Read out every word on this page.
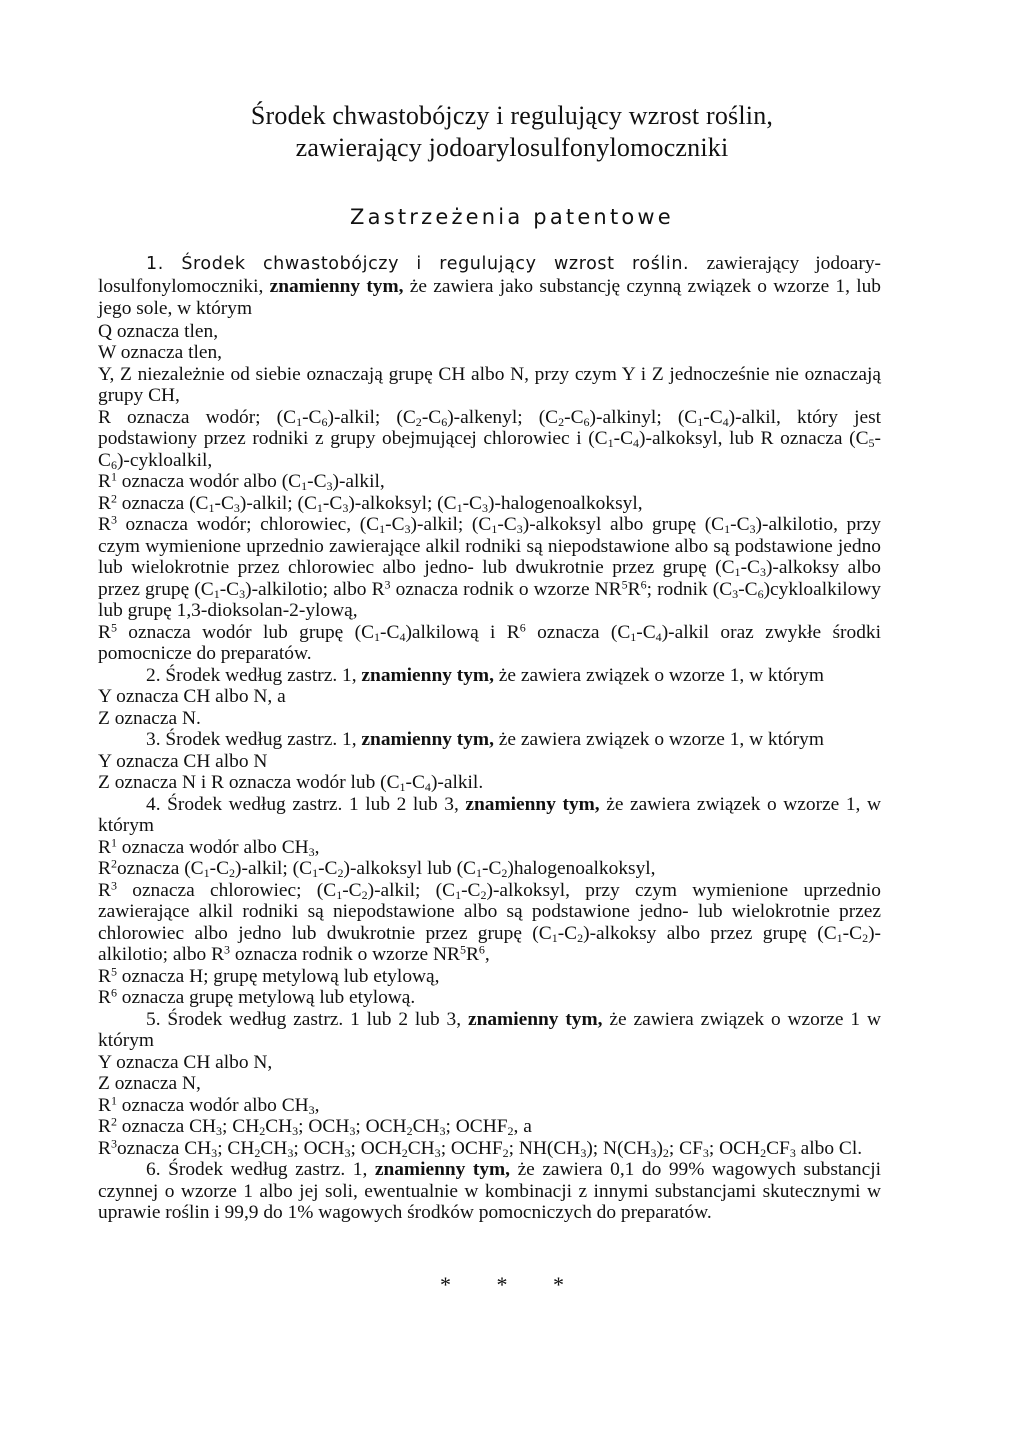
Środek chwastobójczy i regulujący wzrost roślin,
zawierający jodoarylosulfonylomoczniki
Zastrzeżenia patentowe

1. Środek chwastobójczy i regulujący wzrost roślin. zawierający jodoary-losulfonylomoczniki, znamienny tym, że zawiera jako substancję czynną związek o wzorze 1, lub jego sole, w którym

Q oznacza tlen,

W oznacza tlen,

Y, Z niezależnie od siebie oznaczają grupę CH albo N, przy czym Y i Z jednocześnie nie oznaczają grupy CH,

R oznacza wodór; $(C_1-C_6)$-alkil; $(C_2-C_6)$-alkenyl; $(C_2-C_6)$-alkinyl; $(C_1-C_4)$-alkil, który jest podstawiony przez rodniki z grupy obejmującej chlorowiec i $(C_1-C_4)$-alkoksyl, lub R oznacza $(C_5-C_6)$-cykloalkil,

$R^1$ oznacza wodór albo $(C_1-C_3)$-alkil,

$R^2$ oznacza $(C_1-C_3)$-alkil; $(C_1-C_3)$-alkoksyl; $(C_1-C_3)$-halogenoalkoksyl,

$R^3$ oznacza wodór; chlorowiec, $(C_1-C_3)$-alkil; $(C_1-C_3)$-alkoksyl albo grupę $(C_1-C_3)$-alkilotio, przy czym wymienione uprzednio zawierające alkil rodniki są niepodstawione albo są podstawione jedno lub wielokrotnie przez chlorowiec albo jedno- lub dwukrotnie przez grupę $(C_1-C_3)$-alkoksy albo przez grupę $(C_1-C_3)$-alkilotio; albo $R^3$ oznacza rodnik o wzorze $NR^5R^6$; rodnik $(C_3-C_6)cykloalkilowy$ lub grupę 1,3-dioksolan-2-ylową,

$R^5$ oznacza wodór lub grupę $(C_1-C_4)alkilową$ i $R^6$ oznacza $(C_1-C_4)$-alkil oraz zwykłe środki pomocnicze do preparatów.

2. Środek według zastrz. 1, znamienny tym, że zawiera związek o wzorze 1, w którym

Y oznacza CH albo N, a

Z oznacza N.

3. Środek według zastrz. 1, znamienny tym, że zawiera związek o wzorze 1, w którym

Y oznacza CH albo N

Z oznacza N i R oznacza wodór lub $(C_1-C_4)$-alkil.

4. Środek według zastrz. 1 lub 2 lub 3, znamienny tym, że zawiera związek o wzorze 1, w którym

$R^1$ oznacza wodór albo $CH_3$,

$R^2oznacza$ $(C_1-C_2)$-alkil; $(C_1-C_2)$-alkoksyl lub $(C_1-C_2)halogenoalkoksyl$,

$R^3$ oznacza chlorowiec; $(C_1-C_2)$-alkil; $(C_1-C_2)$-alkoksyl, przy czym wymienione uprzednio zawierające alkil rodniki są niepodstawione albo są podstawione jedno- lub wielokrotnie przez chlorowiec albo jedno lub dwukrotnie przez grupę $(C_1-C_2)$-alkoksy albo przez grupę $(C_1-C_2)$-alkilotio; albo $R^3$ oznacza rodnik o wzorze $NR^5R^6$,

$R^5$ oznacza H; grupę metylową lub etylową,

$R^6$ oznacza grupę metylową lub etylową.

5. Środek według zastrz. 1 lub 2 lub 3, znamienny tym, że zawiera związek o wzorze 1 w którym

Y oznacza CH albo N,

Z oznacza N,

$R^1$ oznacza wodór albo $CH_3$,

$R^2$ oznacza $CH_3$; $CH_2CH_3$; $OCH_3$; $OCH_2CH_3$; $OCHF_2$, a

$R^3oznacza$ $CH_3$; $CH_2CH_3$; $OCH_3$; $OCH_2CH_3$; $OCHF_2$; $NH(CH_3)$; $N(CH_3)_2$; $CF_3$; $OCH_2CF_3$ albo Cl.

6. Środek według zastrz. 1, znamienny tym, że zawiera 0,1 do 99% wagowych substancji czynnej o wzorze 1 albo jej soli, ewentualnie w kombinacji z innymi substancjami skutecznymi w uprawie roślin i 99,9 do 1% wagowych środków pomocniczych do preparatów.

* * *
